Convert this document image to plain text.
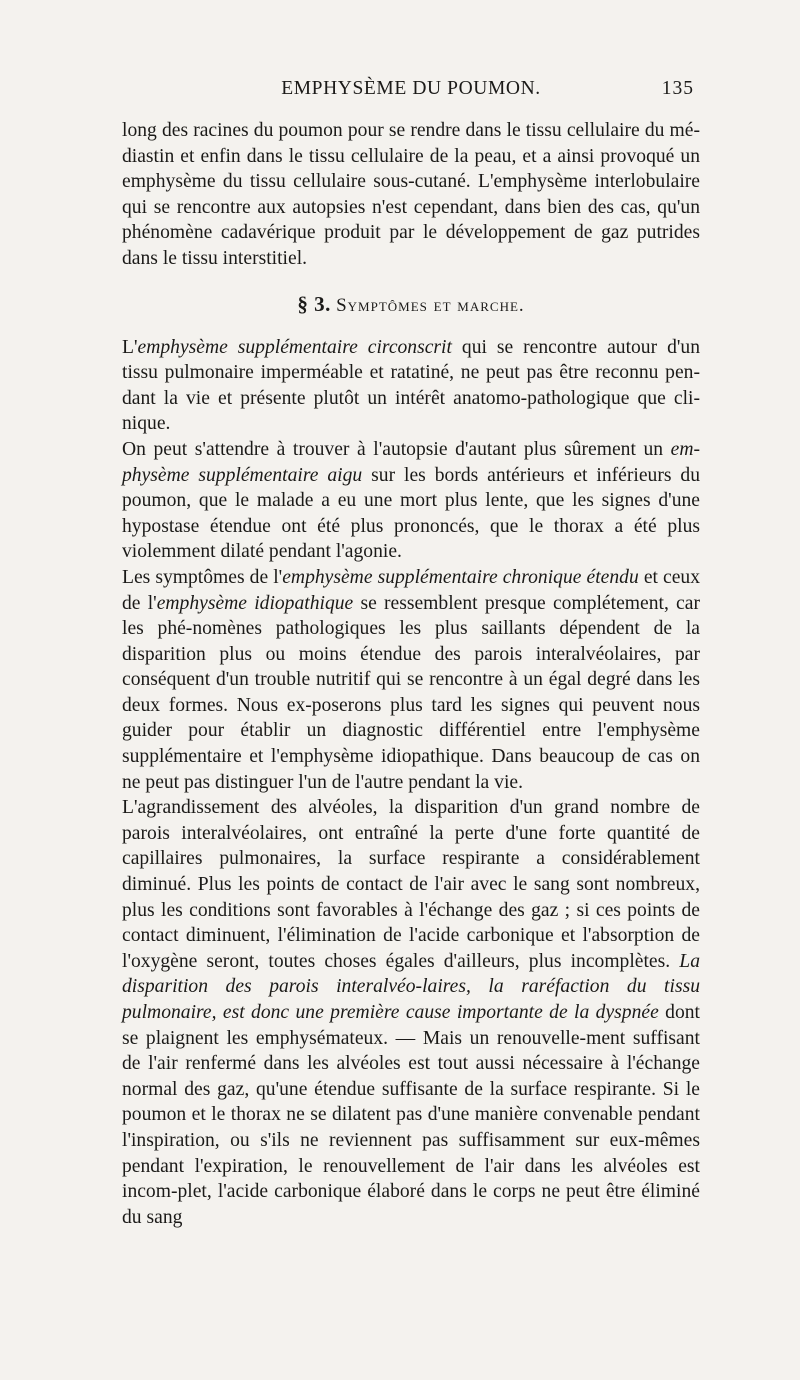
EMPHYSÈME DU POUMON.	135

long des racines du poumon pour se rendre dans le tissu cellulaire du mé-diastin et enfin dans le tissu cellulaire de la peau, et a ainsi provoqué un emphysème du tissu cellulaire sous-cutané. L'emphysème interlobulaire qui se rencontre aux autopsies n'est cependant, dans bien des cas, qu'un phénomène cadavérique produit par le développement de gaz putrides dans le tissu interstitiel.

§ 3. Symptômes et marche.

L'emphysème supplémentaire circonscrit qui se rencontre autour d'un tissu pulmonaire imperméable et ratatiné, ne peut pas être reconnu pen-dant la vie et présente plutôt un intérêt anatomo-pathologique que cli-nique.

On peut s'attendre à trouver à l'autopsie d'autant plus sûrement un em-physème supplémentaire aigu sur les bords antérieurs et inférieurs du poumon, que le malade a eu une mort plus lente, que les signes d'une hypostase étendue ont été plus prononcés, que le thorax a été plus violemment dilaté pendant l'agonie.

Les symptômes de l'emphysème supplémentaire chronique étendu et ceux de l'emphysème idiopathique se ressemblent presque complétement, car les phé-nomènes pathologiques les plus saillants dépendent de la disparition plus ou moins étendue des parois interalvéolaires, par conséquent d'un trouble nutritif qui se rencontre à un égal degré dans les deux formes. Nous ex-poserons plus tard les signes qui peuvent nous guider pour établir un diagnostic différentiel entre l'emphysème supplémentaire et l'emphysème idiopathique. Dans beaucoup de cas on ne peut pas distinguer l'un de l'autre pendant la vie.

L'agrandissement des alvéoles, la disparition d'un grand nombre de parois interalvéolaires, ont entraîné la perte d'une forte quantité de capillaires pulmonaires, la surface respirante a considérablement diminué. Plus les points de contact de l'air avec le sang sont nombreux, plus les conditions sont favorables à l'échange des gaz ; si ces points de contact diminuent, l'élimination de l'acide carbonique et l'absorption de l'oxygène seront, toutes choses égales d'ailleurs, plus incomplètes. La disparition des parois interalvéo-laires, la raréfaction du tissu pulmonaire, est donc une première cause importante de la dyspnée dont se plaignent les emphysémateux. — Mais un renouvelle-ment suffisant de l'air renfermé dans les alvéoles est tout aussi nécessaire à l'échange normal des gaz, qu'une étendue suffisante de la surface respirante. Si le poumon et le thorax ne se dilatent pas d'une manière convenable pendant l'inspiration, ou s'ils ne reviennent pas suffisamment sur eux-mêmes pendant l'expiration, le renouvellement de l'air dans les alvéoles est incom-plet, l'acide carbonique élaboré dans le corps ne peut être éliminé du sang
